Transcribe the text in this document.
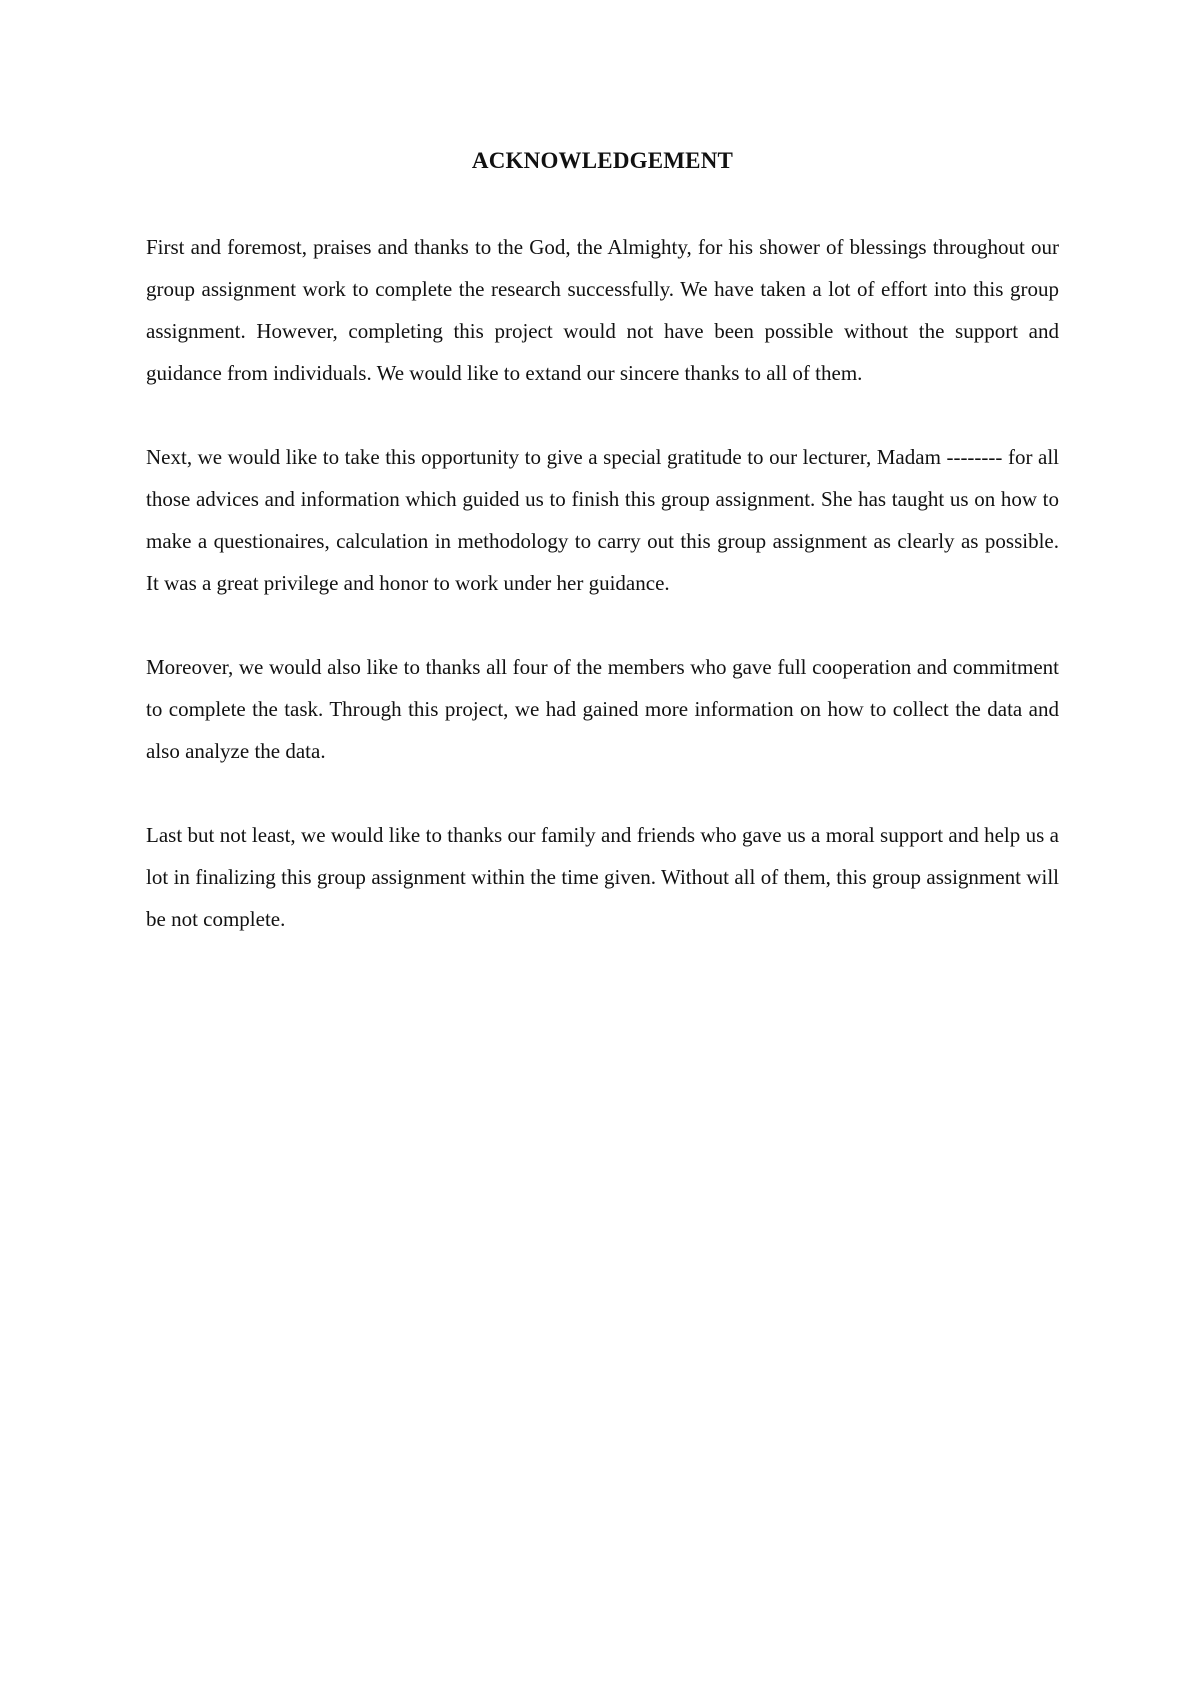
ACKNOWLEDGEMENT

First and foremost, praises and thanks to the God, the Almighty, for his shower of blessings throughout our group assignment work to complete the research successfully. We have taken a lot of effort into this group assignment. However, completing this project would not have been possible without the support and guidance from individuals. We would like to extand our sincere thanks to all of them.

Next, we would like to take this opportunity to give a special gratitude to our lecturer, Madam -------- for all those advices and information which guided us to finish this group assignment. She has taught us on how to make a questionaires, calculation in methodology to carry out this group assignment as clearly as possible. It was a great privilege and honor to work under her guidance.

Moreover, we would also like to thanks all four of the members who gave full cooperation and commitment to complete the task. Through this project, we had gained more information on how to collect the data and also analyze the data.

Last but not least, we would like to thanks our family and friends who gave us a moral support and help us a lot in finalizing this group assignment within the time given. Without all of them, this group assignment will be not complete.
